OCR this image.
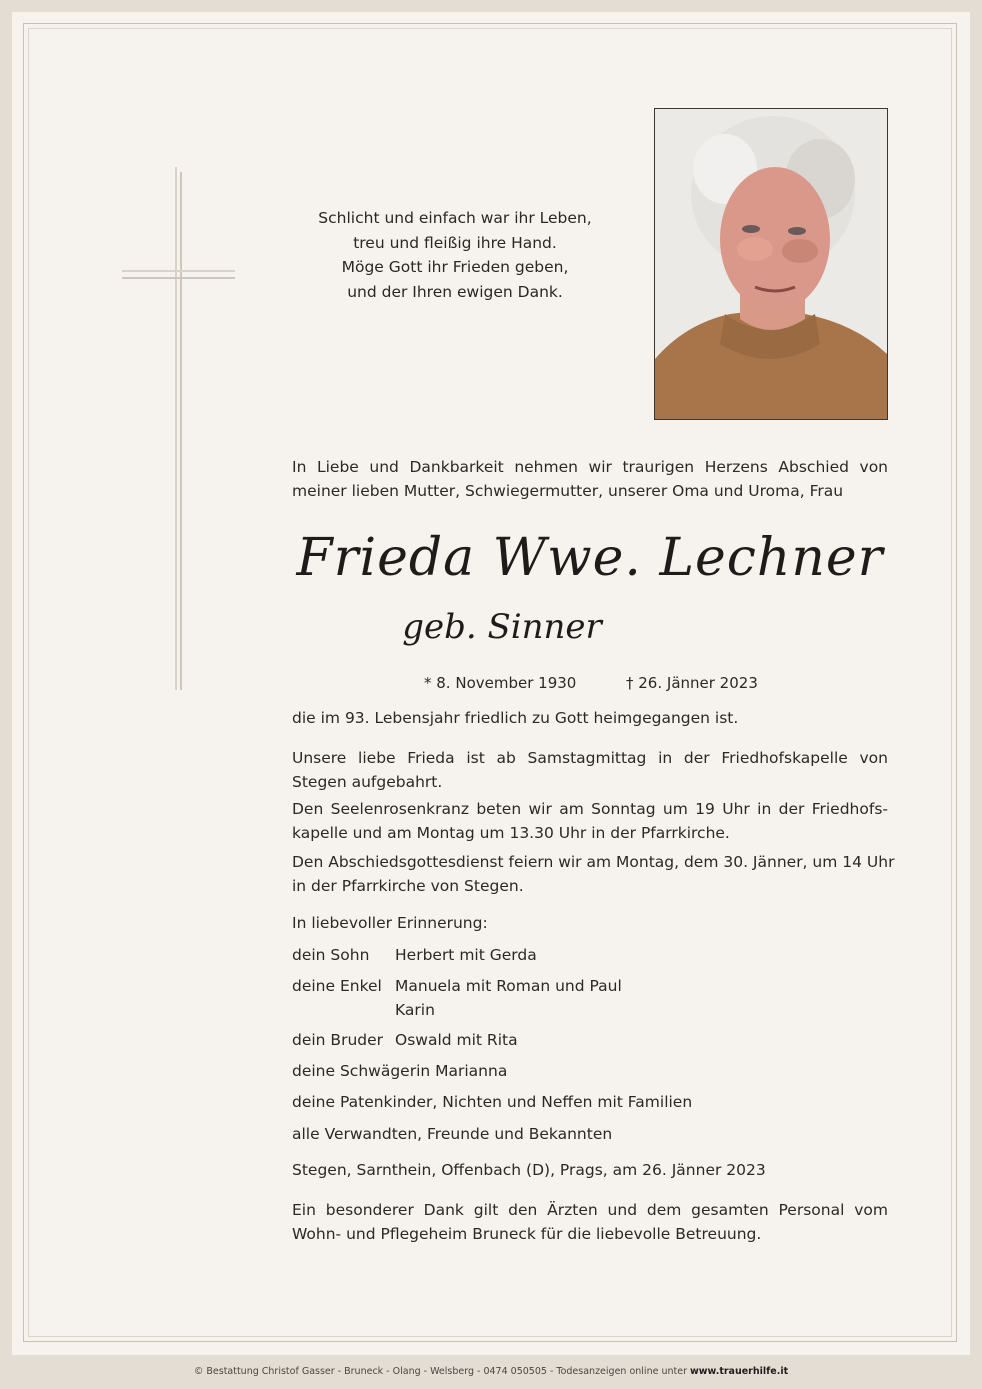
Schlicht und einfach war ihr Leben,
treu und fleißig ihre Hand.
Möge Gott ihr Frieden geben,
und der Ihren ewigen Dank.
In Liebe und Dankbarkeit nehmen wir traurigen Herzens Abschied von
meiner lieben Mutter, Schwiegermutter, unserer Oma und Uroma, Frau
Frieda Wwe. Lechner
geb. Sinner
* 8. November 1930	† 26. Jänner 2023
die im 93. Lebensjahr friedlich zu Gott heimgegangen ist.
Unsere liebe Frieda ist ab Samstagmittag in der Friedhofskapelle von
Stegen aufgebahrt.
Den Seelenrosenkranz beten wir am Sonntag um 19 Uhr in der Friedhofs-
kapelle und am Montag um 13.30 Uhr in der Pfarrkirche.
Den Abschiedsgottesdienst feiern wir am Montag, dem 30. Jänner, um 14 Uhr
in der Pfarrkirche von Stegen.
In liebevoller Erinnerung:
dein Sohn Herbert mit Gerda
deine Enkel Manuela mit Roman und Paul
Karin
dein Bruder Oswald mit Rita
deine Schwägerin Marianna
deine Patenkinder, Nichten und Neffen mit Familien
alle Verwandten, Freunde und Bekannten
Stegen, Sarnthein, Offenbach (D), Prags, am 26. Jänner 2023
Ein besonderer Dank gilt den Ärzten und dem gesamten Personal vom
Wohn- und Pflegeheim Bruneck für die liebevolle Betreuung.
© Bestattung Christof Gasser - Bruneck - Olang - Welsberg - 0474 050505 - Todesanzeigen online unter www.trauerhilfe.it
